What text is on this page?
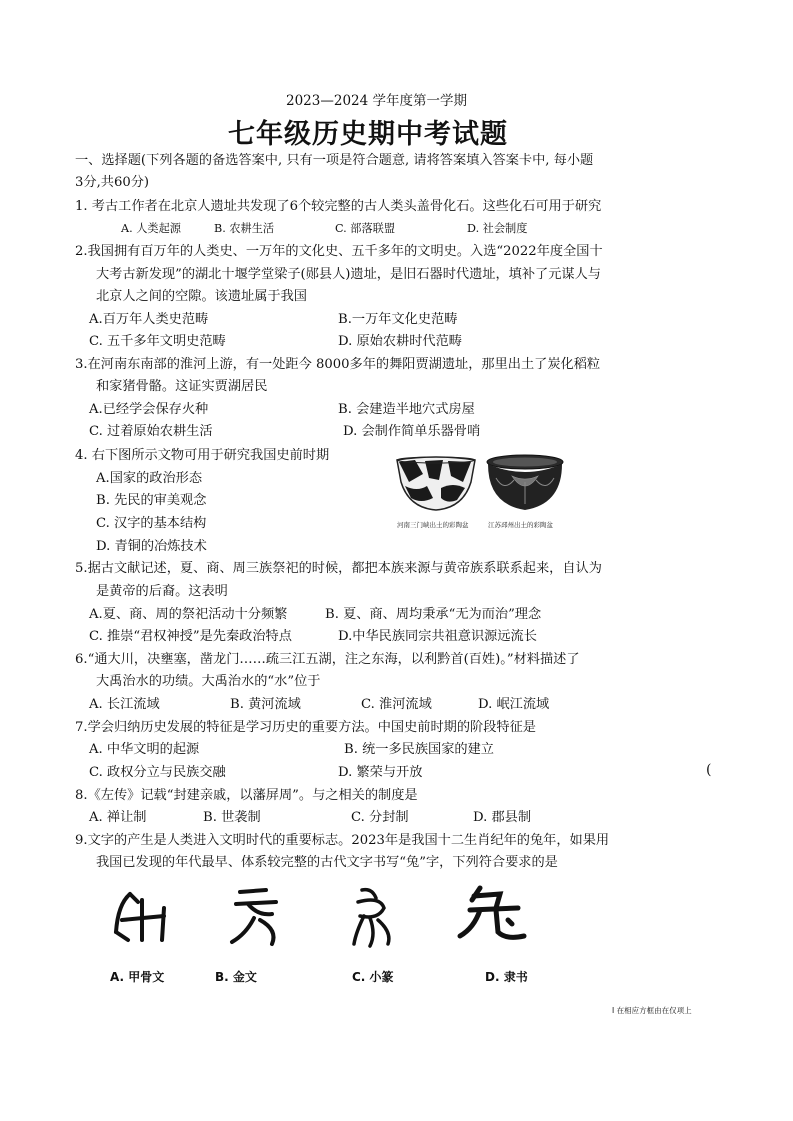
2023—2024 学年度第一学期
七年级历史期中考试题
一、选择题(下列各题的备选答案中, 只有一项是符合题意, 请将答案填入答案卡中, 每小题
3分,共60分)
1. 考古工作者在北京人遗址共发现了6个较完整的古人类头盖骨化石。这些化石可用于研究
A. 人类起源	B. 农耕生活	C. 部落联盟	D. 社会制度
2.我国拥有百万年的人类史、一万年的文化史、五千多年的文明史。入选“2022年度全国十
大考古新发现”的湖北十堰学堂梁子(郧县人)遗址，是旧石器时代遗址，填补了元谋人与
北京人之间的空隙。该遗址属于我国
A.百万年人类史范畴	B.一万年文化史范畴
C. 五千多年文明史范畴	D. 原始农耕时代范畴
3.在河南东南部的淮河上游，有一处距今 8000多年的舞阳贾湖遗址，那里出土了炭化稻粒
和家猪骨骼。这证实贾湖居民
A.已经学会保存火种	B. 会建造半地穴式房屋
C. 过着原始农耕生活	D. 会制作简单乐器骨哨
4. 右下图所示文物可用于研究我国史前时期
A.国家的政治形态
B. 先民的审美观念
C. 汉字的基本结构
D. 青铜的冶炼技术
河南三门峡出土的彩陶盆	江苏邳州出土的彩陶盆
5.据古文献记述，夏、商、周三族祭祀的时候，都把本族来源与黄帝族系联系起来，自认为
是黄帝的后裔。这表明
A.夏、商、周的祭祀活动十分频繁	B. 夏、商、周均秉承“无为而治”理念
C. 推崇“君权神授”是先秦政治特点	D.中华民族同宗共祖意识源远流长
6.“通大川，决壅塞，凿龙门……疏三江五湖，注之东海，以利黔首(百姓)。”材料描述了
大禹治水的功绩。大禹治水的“水”位于
A. 长江流域	B. 黄河流域	C. 淮河流域	D. 岷江流域
7.学会归纳历史发展的特征是学习历史的重要方法。中国史前时期的阶段特征是
A. 中华文明的起源	B. 统一多民族国家的建立
C. 政权分立与民族交融	D. 繁荣与开放	(
8.《左传》记载“封建亲戚，以藩屏周”。与之相关的制度是
A. 禅让制	B. 世袭制	C. 分封制	D. 郡县制
9.文字的产生是人类进入文明时代的重要标志。2023年是我国十二生肖纪年的兔年，如果用
我国已发现的年代最早、体系较完整的古代文字书写“兔”字，下列符合要求的是
A. 甲骨文	B. 金文	C. 小篆	D. 隶书
I 在相应方框由在仅项上
